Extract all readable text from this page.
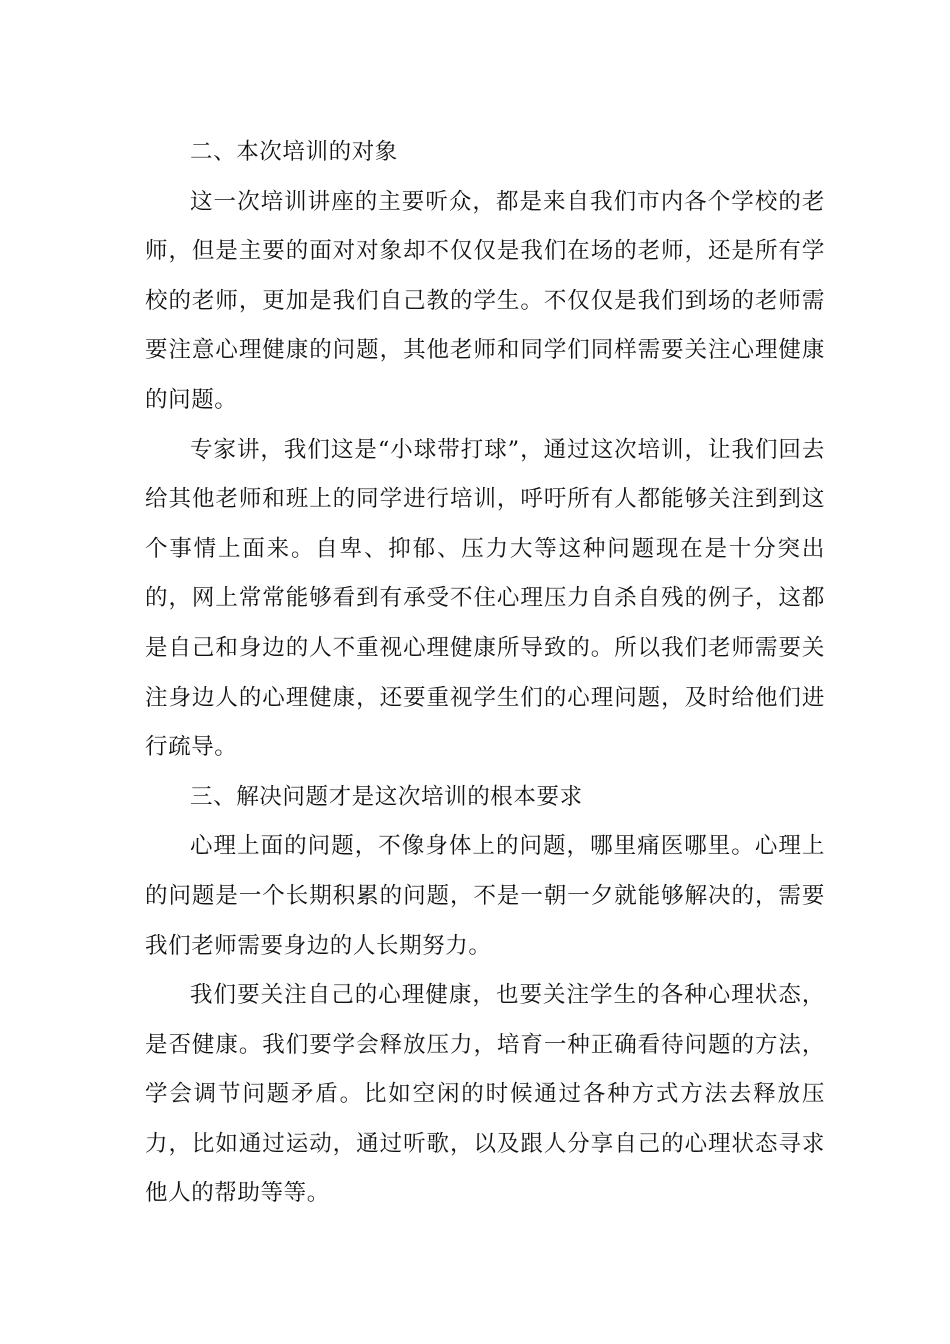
二、本次培训的对象

这一次培训讲座的主要听众，都是来自我们市内各个学校的老师，但是主要的面对对象却不仅仅是我们在场的老师，还是所有学校的老师，更加是我们自己教的学生。不仅仅是我们到场的老师需要注意心理健康的问题，其他老师和同学们同样需要关注心理健康的问题。

专家讲，我们这是“小球带打球”，通过这次培训，让我们回去给其他老师和班上的同学进行培训，呼吁所有人都能够关注到到这个事情上面来。自卑、抑郁、压力大等这种问题现在是十分突出的，网上常常能够看到有承受不住心理压力自杀自残的例子，这都是自己和身边的人不重视心理健康所导致的。所以我们老师需要关注身边人的心理健康，还要重视学生们的心理问题，及时给他们进行疏导。

三、解决问题才是这次培训的根本要求

心理上面的问题，不像身体上的问题，哪里痛医哪里。心理上的问题是一个长期积累的问题，不是一朝一夕就能够解决的，需要我们老师需要身边的人长期努力。

我们要关注自己的心理健康，也要关注学生的各种心理状态，是否健康。我们要学会释放压力，培育一种正确看待问题的方法，学会调节问题矛盾。比如空闲的时候通过各种方式方法去释放压力，比如通过运动，通过听歌，以及跟人分享自己的心理状态寻求他人的帮助等等。
